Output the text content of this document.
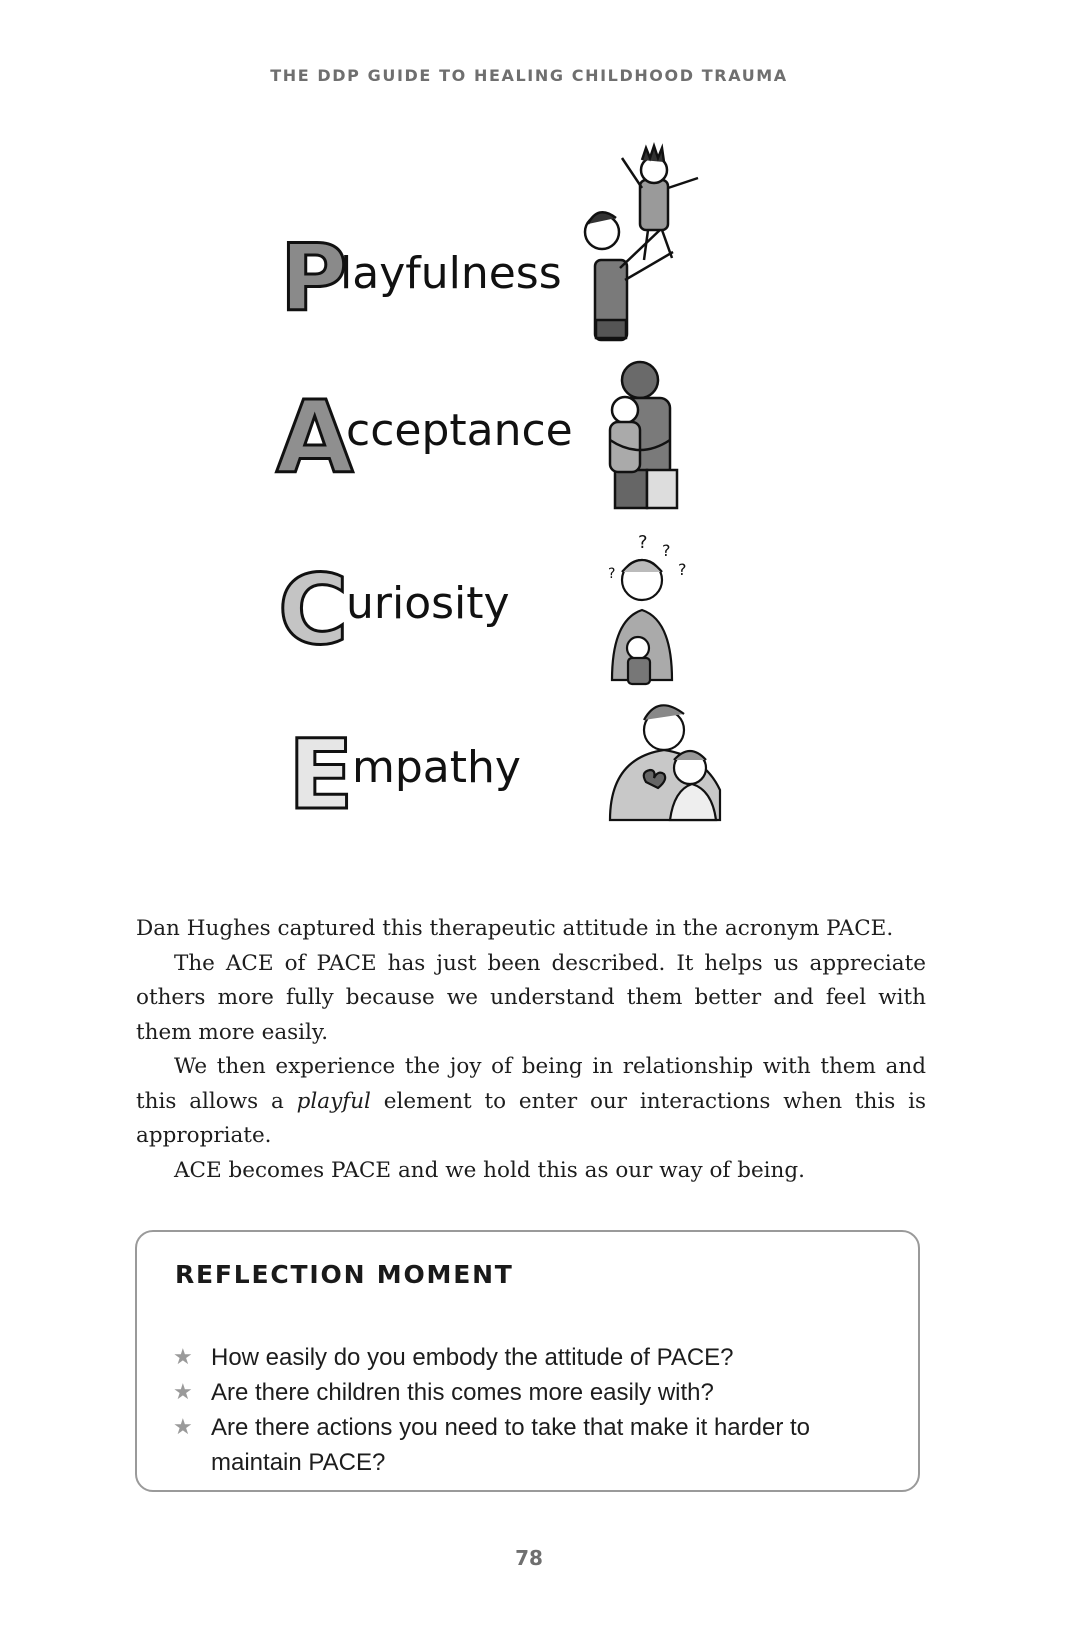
THE DDP GUIDE TO HEALING CHILDHOOD TRAUMA
P
layfulness
A
cceptance
C
uriosity
? ?
?
?
E
mpathy

Dan Hughes captured this therapeutic attitude in the acronym PACE.

The ACE of PACE has just been described. It helps us appreciate others more fully because we understand them better and feel with them more easily.

We then experience the joy of being in relationship with them and this allows a playful element to enter our interactions when this is appropriate.

ACE becomes PACE and we hold this as our way of being.

REFLECTION MOMENT
★ How easily do you embody the attitude of PACE?
★ Are there children this comes more easily with?
★ Are there actions you need to take that make it harder to maintain PACE?
78
